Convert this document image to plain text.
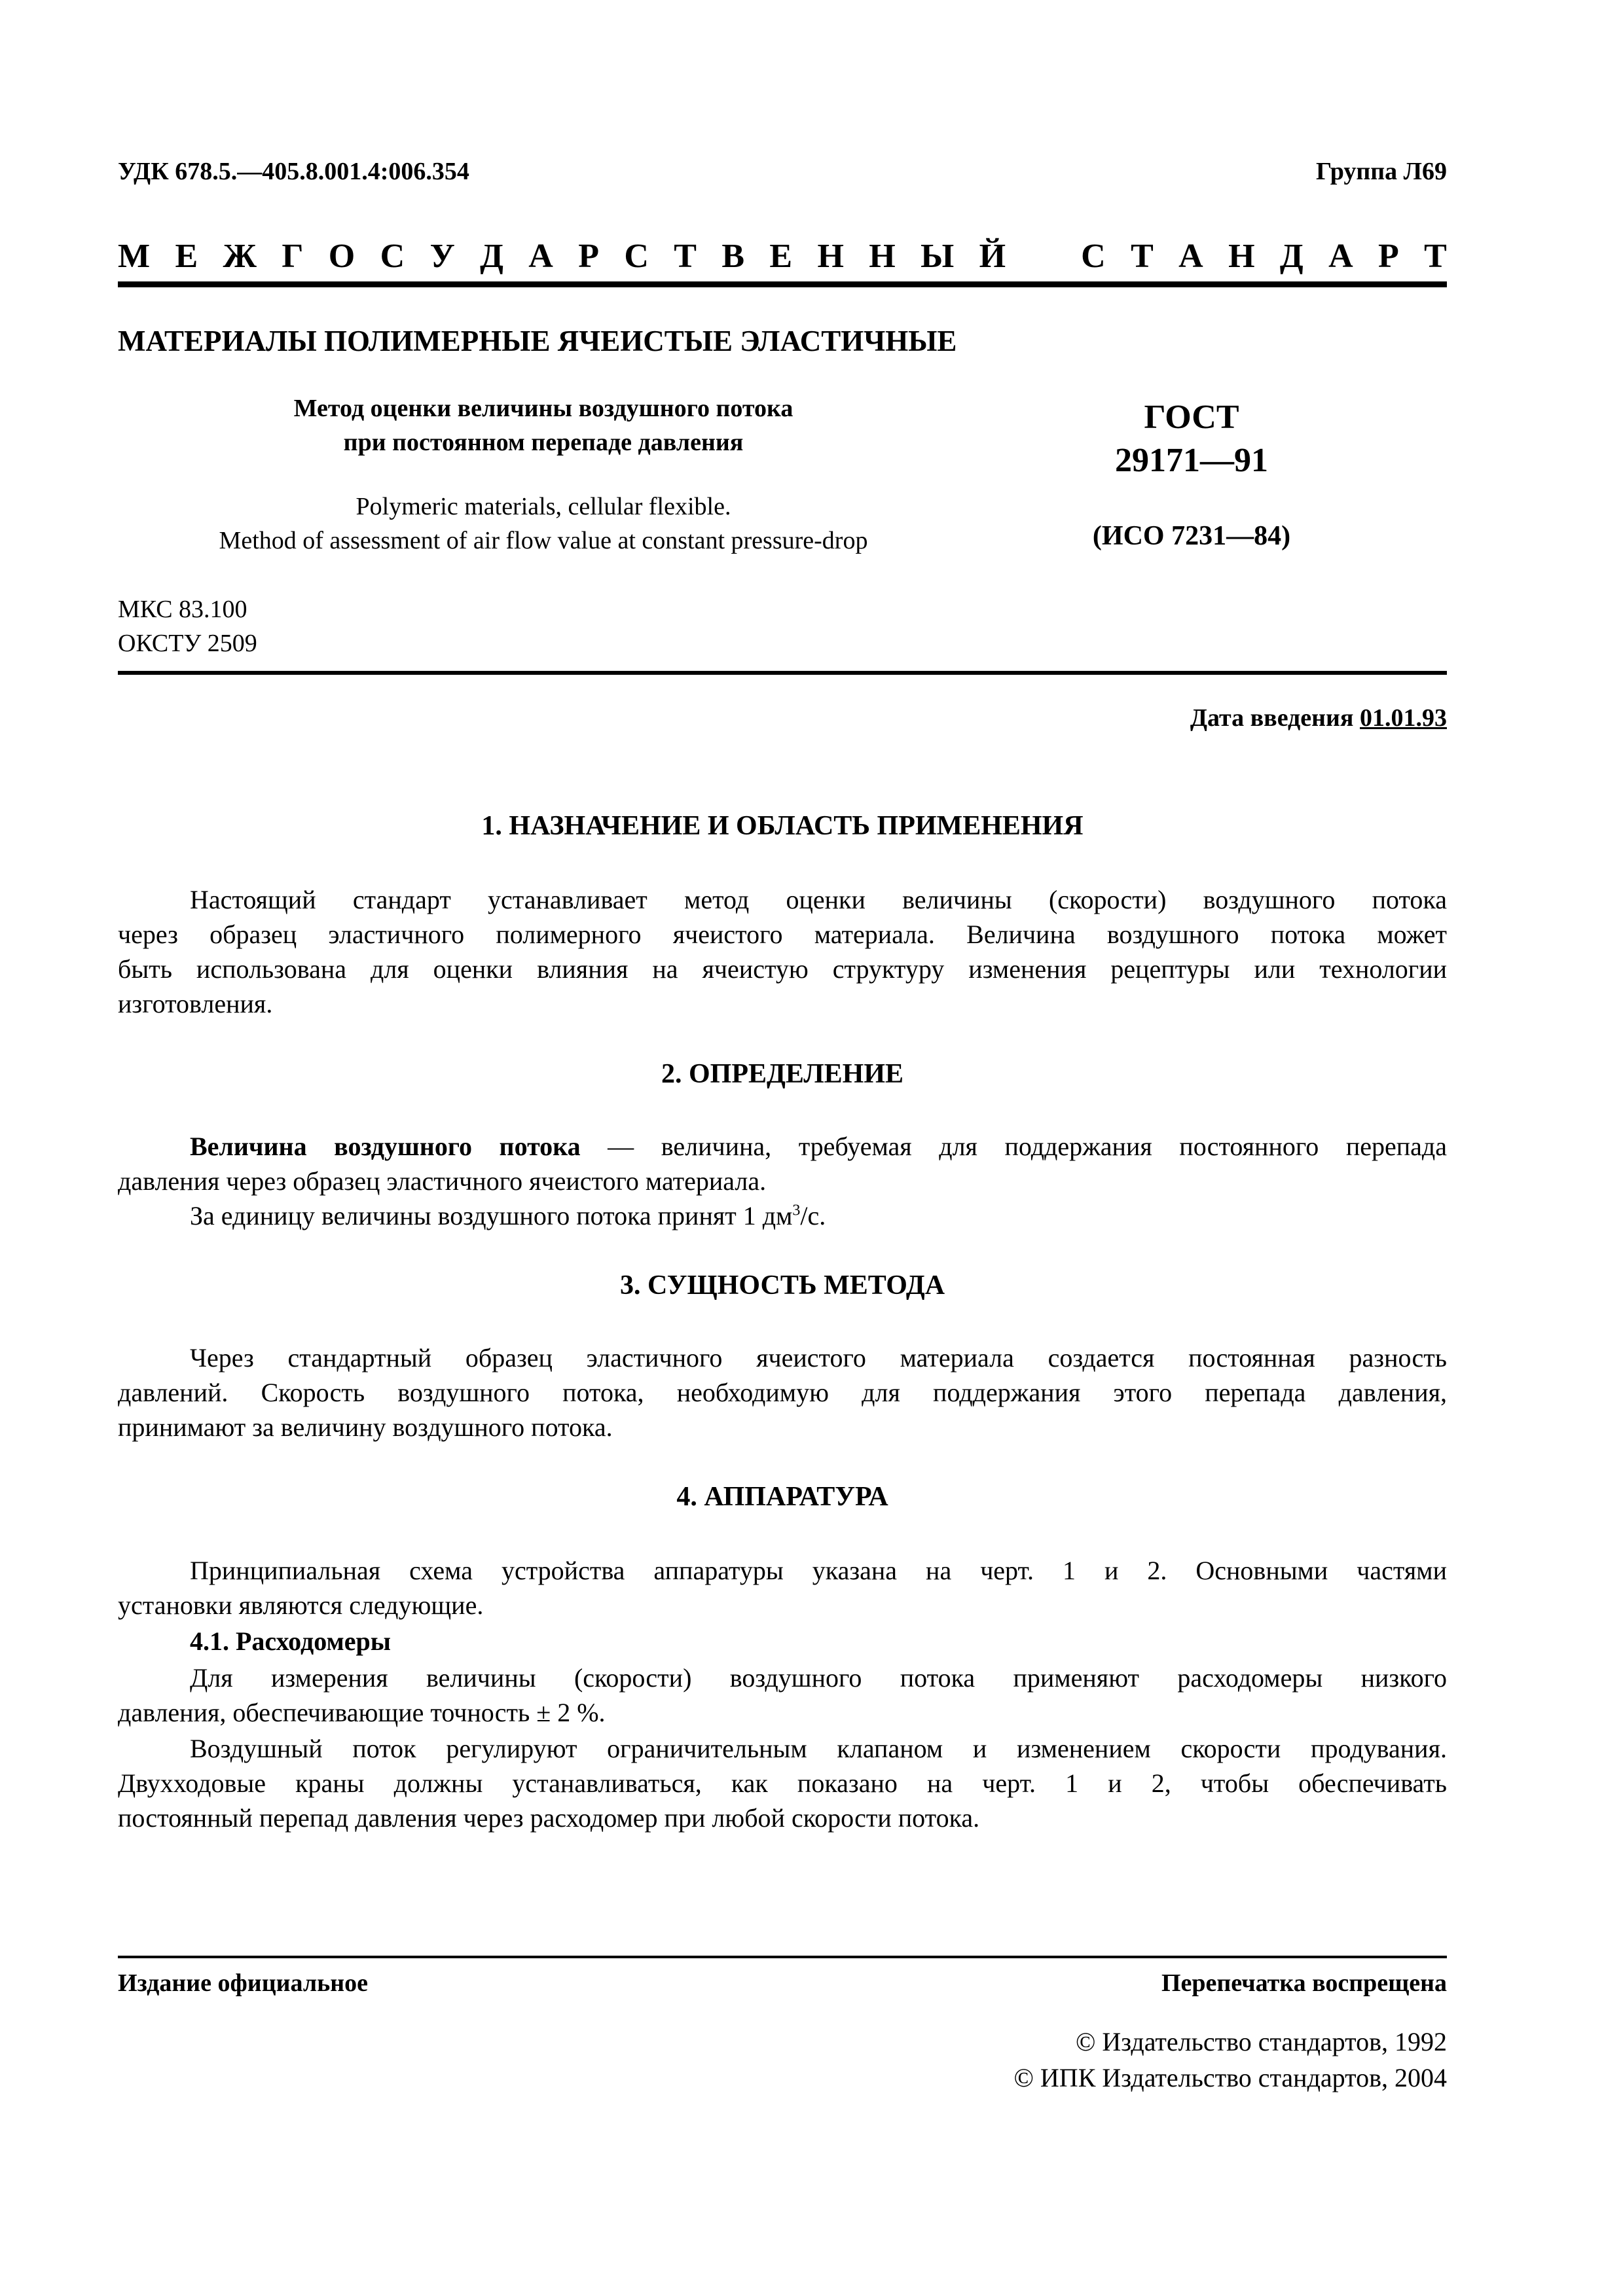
УДК 678.5.—405.8.001.4:006.354	Группа Л69
М Е Ж Г О С У Д А Р С Т В Е Н Н Ы Й С Т А Н Д А Р Т
МАТЕРИАЛЫ ПОЛИМЕРНЫЕ ЯЧЕИСТЫЕ ЭЛАСТИЧНЫЕ
Метод оценки величины воздушного потока
при постоянном перепаде давления
Polymeric materials, cellular flexible.
Method of assessment of air flow value at constant pressure-drop
ГОСТ
29171—91
(ИСО 7231—84)
МКС 83.100
ОКСТУ 2509
Дата введения 01.01.93
1. НАЗНАЧЕНИЕ И ОБЛАСТЬ ПРИМЕНЕНИЯ
Настоящий стандарт устанавливает метод оценки величины (скорости) воздушного потока
через образец эластичного полимерного ячеистого материала. Величина воздушного потока может
быть использована для оценки влияния на ячеистую структуру изменения рецептуры или технологии
изготовления.
2. ОПРЕДЕЛЕНИЕ
Величина воздушного потока — величина, требуемая для поддержания постоянного перепада
давления через образец эластичного ячеистого материала.
За единицу величины воздушного потока принят 1 $дм^3/с$.
3. СУЩНОСТЬ МЕТОДА
Через стандартный образец эластичного ячеистого материала создается постоянная разность
давлений. Скорость воздушного потока, необходимую для поддержания этого перепада давления,
принимают за величину воздушного потока.
4. АППАРАТУРА
Принципиальная схема устройства аппаратуры указана на черт. 1 и 2. Основными частями
установки являются следующие.
4.1. Расходомеры
Для измерения величины (скорости) воздушного потока применяют расходомеры низкого
давления, обеспечивающие точность ± 2 %.
Воздушный поток регулируют ограничительным клапаном и изменением скорости продувания.
Двухходовые краны должны устанавливаться, как показано на черт. 1 и 2, чтобы обеспечивать
постоянный перепад давления через расходомер при любой скорости потока.
Издание официальное	Перепечатка воспрещена
© Издательство стандартов, 1992
© ИПК Издательство стандартов, 2004
